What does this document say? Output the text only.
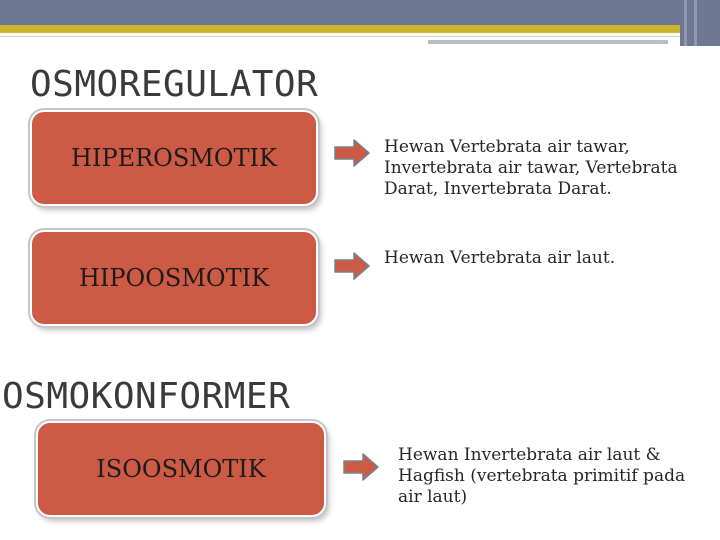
OSMOREGULATOR
HIPEROSMOTIK	Hewan Vertebrata air tawar, Invertebrata air tawar, Vertebrata Darat, Invertebrata Darat.
HIPOOSMOTIK
Hewan Vertebrata air laut.
OSMOKONFORMER
ISOOSMOTIK	Hewan Invertebrata air laut & Hagfish (vertebrata primitif pada air laut)
